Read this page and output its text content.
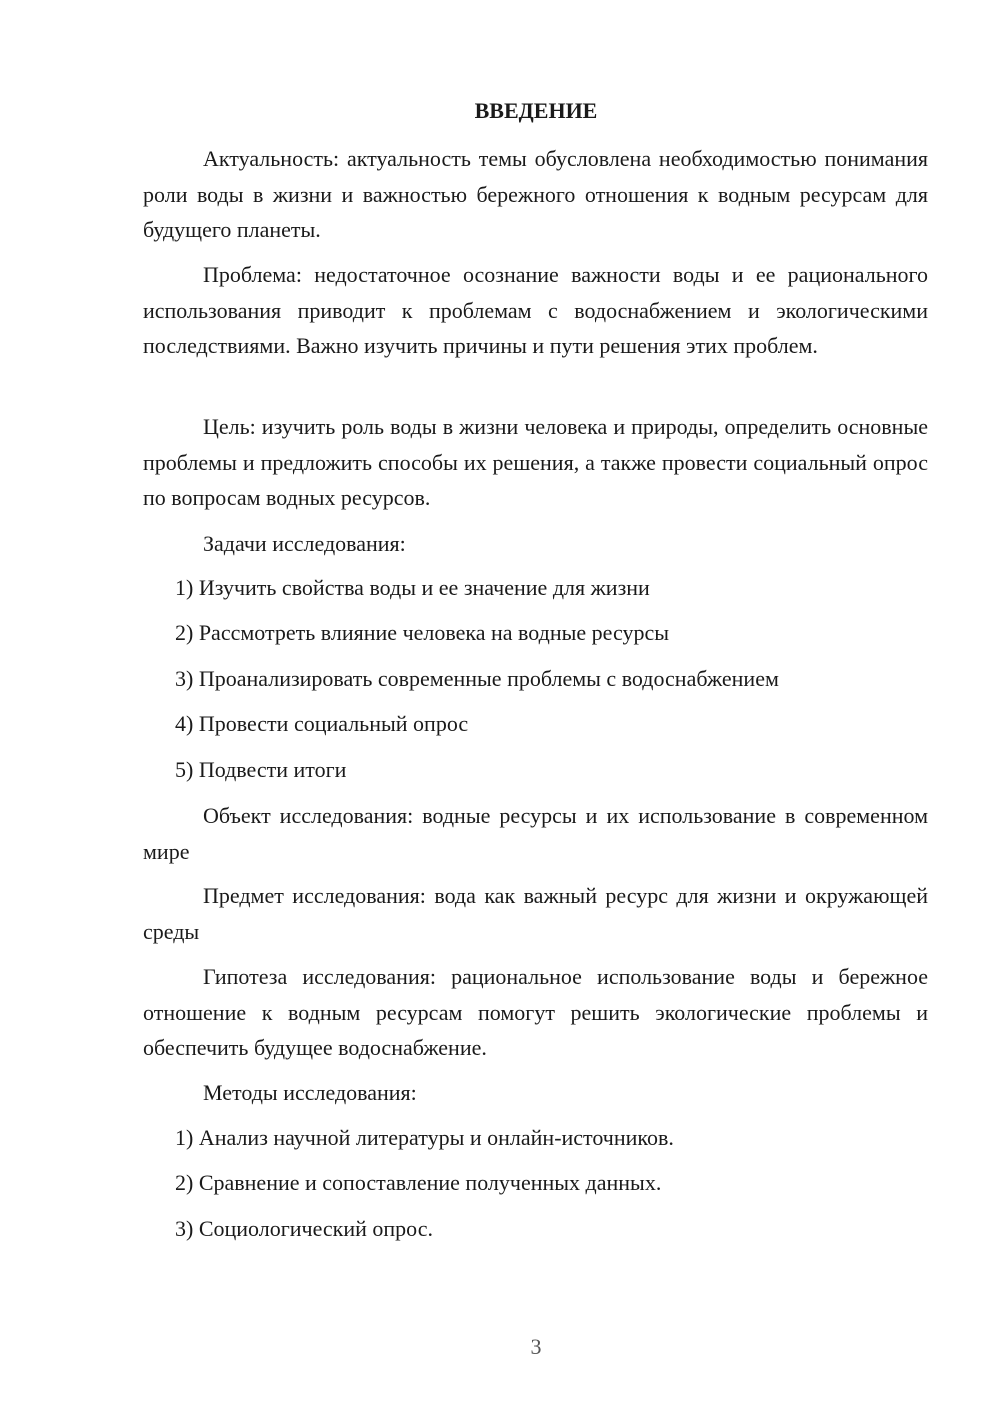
ВВЕДЕНИЕ

Актуальность: актуальность темы обусловлена необходимостью понимания роли воды в жизни и важностью бережного отношения к водным ресурсам для будущего планеты.

Проблема: недостаточное осознание важности воды и ее рационального использования приводит к проблемам с водоснабжением и экологическими последствиями. Важно изучить причины и пути решения этих проблем.

Цель: изучить роль воды в жизни человека и природы, определить основные проблемы и предложить способы их решения, а также провести социальный опрос по вопросам водных ресурсов.

Задачи исследования:

1) Изучить свойства воды и ее значение для жизни

2) Рассмотреть влияние человека на водные ресурсы

3) Проанализировать современные проблемы с водоснабжением

4) Провести социальный опрос

5) Подвести итоги

Объект исследования: водные ресурсы и их использование в современном мире

Предмет исследования: вода как важный ресурс для жизни и окружающей среды

Гипотеза исследования: рациональное использование воды и бережное отношение к водным ресурсам помогут решить экологические проблемы и обеспечить будущее водоснабжение.

Методы исследования:

1) Анализ научной литературы и онлайн-источников.

2) Сравнение и сопоставление полученных данных.

3) Социологический опрос.

3
